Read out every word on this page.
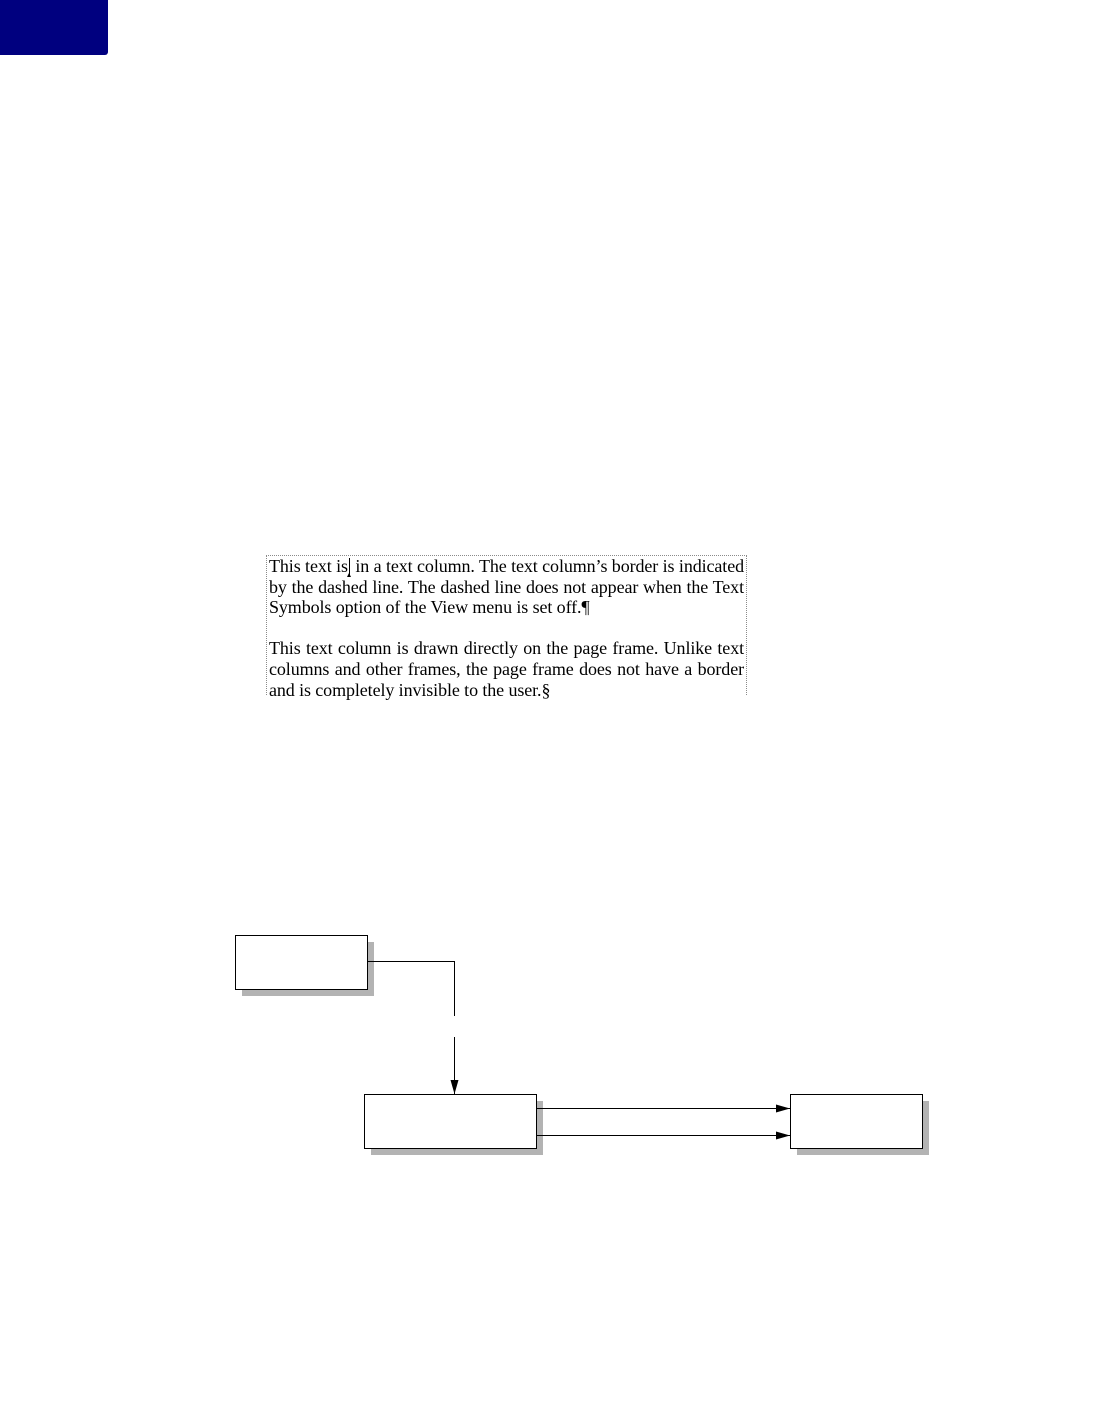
This text is in a text column. The text column’s border is indicated by the dashed line. The dashed line does not appear when the Text Symbols option of the View menu is set off.¶

This text column is drawn directly on the page frame. Unlike text columns and other frames, the page frame does not have a border and is completely invisible to the user.§
